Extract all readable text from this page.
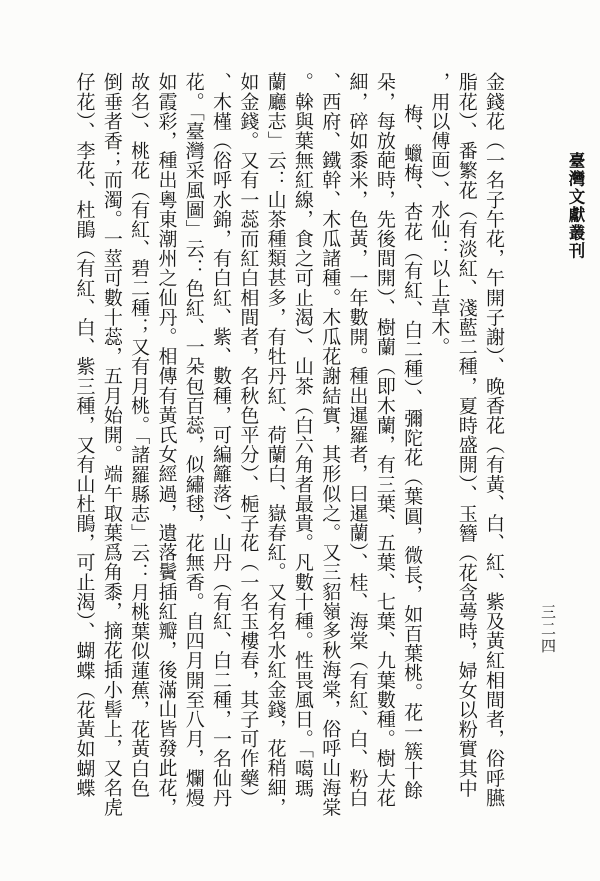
臺灣文獻叢刊
三二四
金錢花（一名子午花，午開子謝）、晚香花（有黃、白、紅、紫及黃紅相間者，俗呼臙
脂花）、番繁花（有淡紅、淺藍二種，夏時盛開）、玉簪（花含蕚時，婦女以粉實其中
，用以傅面）、水仙：以上草木。
梅、蠟梅、杏花（有紅、白二種）、彌陀花（葉圓，微長，如百葉桃。花一簇十餘
朵，每放葩時，先後間開）、樹蘭（即木蘭，有三葉、五葉、七葉、九葉數種。樹大花
細，碎如黍米，色黃，一年數開。種出暹羅者，曰暹蘭）、桂、海棠（有紅、白、粉白
、西府、鐵幹、木瓜諸種。木瓜花謝結實，其形似之。又三貂嶺多秋海棠，俗呼山海棠
。榦與葉無紅線，食之可止渴）、山茶（白六角者最貴。凡數十種。性畏風日。「噶瑪
蘭廳志」云：山茶種類甚多，有牡丹紅、荷蘭白、嶽春紅。又有名水紅金錢，花稍細，
如金錢。又有一蕊而紅白相間者，名秋色平分）、梔子花（一名玉樓春，其子可作藥）
、木槿（俗呼水錦，有白紅、紫、數種，可編籬落）、山丹（有紅、白二種，一名仙丹
花。「臺灣采風圖」云：色紅、一朵包百蕊，似繡毬，花無香。自四月開至八月，爛熳
如霞彩，種出粵東潮州之仙丹。相傳有黃氏女經過，遺落鬢插紅瓣，後滿山皆發此花，
故名）、桃花（有紅、碧二種；又有月桃。「諸羅縣志」云：月桃葉似蓮蕉，花黃白色
倒垂者香；而濁。一莖可數十蕊，五月始開。端午取葉爲角黍，摘花插小髻上，又名虎
仔花）、李花、杜鵑（有紅、白、紫三種，又有山杜鵑，可止渴）、蝴蝶（花黃如蝴蝶
